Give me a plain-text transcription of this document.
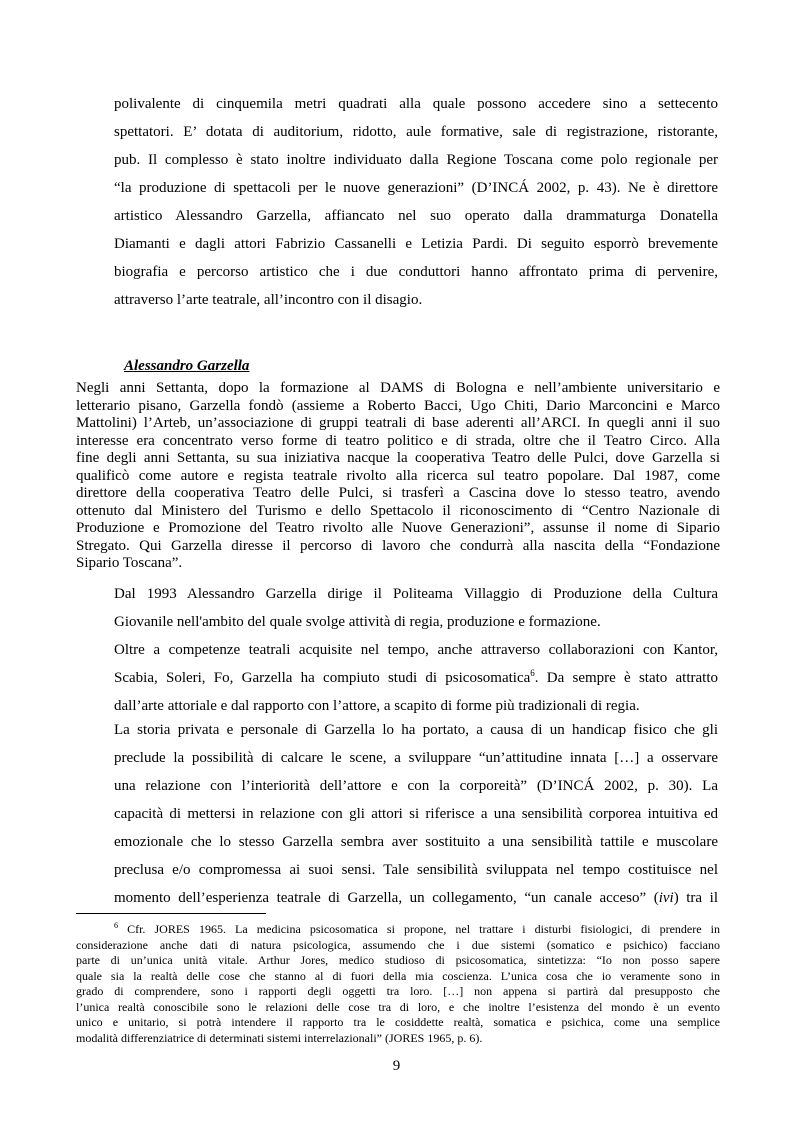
polivalente di cinquemila metri quadrati alla quale possono accedere sino a settecento
spettatori. E’ dotata di auditorium, ridotto, aule formative, sale di registrazione, ristorante,
pub. Il complesso è stato inoltre individuato dalla Regione Toscana come polo regionale per
“la produzione di spettacoli per le nuove generazioni” (D’INCÁ 2002, p. 43). Ne è direttore
artistico Alessandro Garzella, affiancato nel suo operato dalla drammaturga Donatella
Diamanti e dagli attori Fabrizio Cassanelli e Letizia Pardi. Di seguito esporrò brevemente
biografia e percorso artistico che i due conduttori hanno affrontato prima di pervenire,
attraverso l’arte teatrale, all’incontro con il disagio.
Alessandro Garzella
Negli anni Settanta, dopo la formazione al DAMS di Bologna e nell’ambiente universitario e
letterario pisano, Garzella fondò (assieme a Roberto Bacci, Ugo Chiti, Dario Marconcini e Marco
Mattolini) l’Arteb, un’associazione di gruppi teatrali di base aderenti all’ARCI. In quegli anni il suo
interesse era concentrato verso forme di teatro politico e di strada, oltre che il Teatro Circo. Alla
fine degli anni Settanta, su sua iniziativa nacque la cooperativa Teatro delle Pulci, dove Garzella si
qualificò come autore e regista teatrale rivolto alla ricerca sul teatro popolare. Dal 1987, come
direttore della cooperativa Teatro delle Pulci, si trasferì a Cascina dove lo stesso teatro, avendo
ottenuto dal Ministero del Turismo e dello Spettacolo il riconoscimento di “Centro Nazionale di
Produzione e Promozione del Teatro rivolto alle Nuove Generazioni”, assunse il nome di Sipario
Stregato. Qui Garzella diresse il percorso di lavoro che condurrà alla nascita della “Fondazione
Sipario Toscana”.
Dal 1993 Alessandro Garzella dirige il Politeama Villaggio di Produzione della Cultura
Giovanile nell'ambito del quale svolge attività di regia, produzione e formazione.
Oltre a competenze teatrali acquisite nel tempo, anche attraverso collaborazioni con Kantor,
Scabia, Soleri, Fo, Garzella ha compiuto studi di psicosomatica$^6$. Da sempre è stato attratto
dall’arte attoriale e dal rapporto con l’attore, a scapito di forme più tradizionali di regia.
La storia privata e personale di Garzella lo ha portato, a causa di un handicap fisico che gli
preclude la possibilità di calcare le scene, a sviluppare “un’attitudine innata […] a osservare
una relazione con l’interiorità dell’attore e con la corporeità” (D’INCÁ 2002, p. 30). La
capacità di mettersi in relazione con gli attori si riferisce a una sensibilità corporea intuitiva ed
emozionale che lo stesso Garzella sembra aver sostituito a una sensibilità tattile e muscolare
preclusa e/o compromessa ai suoi sensi. Tale sensibilità sviluppata nel tempo costituisce nel
momento dell’esperienza teatrale di Garzella, un collegamento, “un canale acceso” (ivi) tra il
$^6$ Cfr. JORES 1965. La medicina psicosomatica si propone, nel trattare i disturbi fisiologici, di prendere in
considerazione anche dati di natura psicologica, assumendo che i due sistemi (somatico e psichico) facciano
parte di un’unica unità vitale. Arthur Jores, medico studioso di psicosomatica, sintetizza: “Io non posso sapere
quale sia la realtà delle cose che stanno al di fuori della mia coscienza. L’unica cosa che io veramente sono in
grado di comprendere, sono i rapporti degli oggetti tra loro. […] non appena si partirà dal presupposto che
l’unica realtà conoscibile sono le relazioni delle cose tra di loro, e che inoltre l’esistenza del mondo è un evento
unico e unitario, si potrà intendere il rapporto tra le cosiddette realtà, somatica e psichica, come una semplice
modalità differenziatrice di determinati sistemi interrelazionali” (JORES 1965, p. 6).
9
